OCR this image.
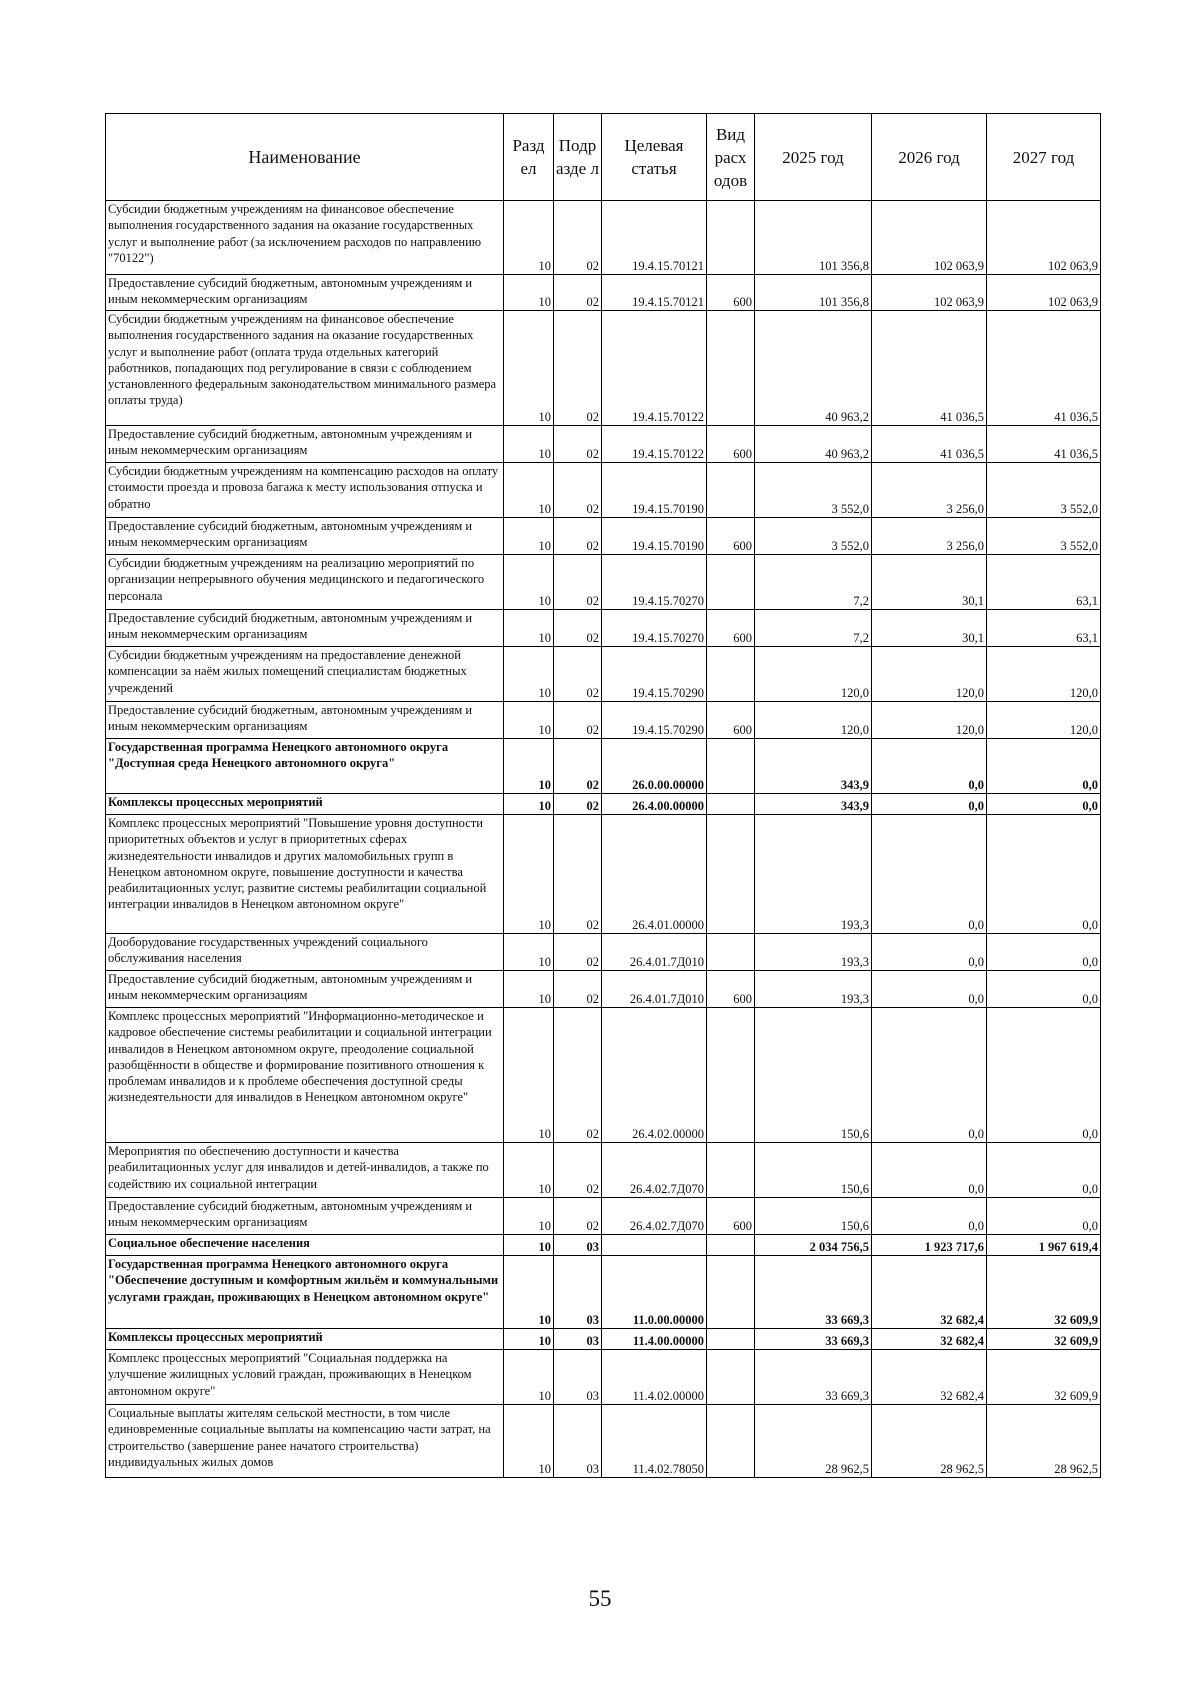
Наименование	Разд ел	Подр азде л	Целевая статья	Вид расх одов	2025 год	2026 год	2027 год
Субсидии бюджетным учреждениям на финансовое обеспечение выполнения государственного задания на оказание государственных услуг и выполнение работ (за исключением расходов по направлению "70122")	10	02	19.4.15.70121		101 356,8	102 063,9	102 063,9
Предоставление субсидий бюджетным, автономным учреждениям и иным некоммерческим организациям	10	02	19.4.15.70121	600	101 356,8	102 063,9	102 063,9
Субсидии бюджетным учреждениям на финансовое обеспечение выполнения государственного задания на оказание государственных услуг и выполнение работ (оплата труда отдельных категорий работников, попадающих под регулирование в связи с соблюдением установленного федеральным законодательством минимального размера оплаты труда)	10	02	19.4.15.70122		40 963,2	41 036,5	41 036,5
Предоставление субсидий бюджетным, автономным учреждениям и иным некоммерческим организациям	10	02	19.4.15.70122	600	40 963,2	41 036,5	41 036,5
Субсидии бюджетным учреждениям на компенсацию расходов на оплату стоимости проезда и провоза багажа к месту использования отпуска и обратно	10	02	19.4.15.70190		3 552,0	3 256,0	3 552,0
Предоставление субсидий бюджетным, автономным учреждениям и иным некоммерческим организациям	10	02	19.4.15.70190	600	3 552,0	3 256,0	3 552,0
Субсидии бюджетным учреждениям на реализацию мероприятий по организации непрерывного обучения медицинского и педагогического персонала	10	02	19.4.15.70270		7,2	30,1	63,1
Предоставление субсидий бюджетным, автономным учреждениям и иным некоммерческим организациям	10	02	19.4.15.70270	600	7,2	30,1	63,1
Субсидии бюджетным учреждениям на предоставление денежной компенсации за наём жилых помещений специалистам бюджетных учреждений	10	02	19.4.15.70290		120,0	120,0	120,0
Предоставление субсидий бюджетным, автономным учреждениям и иным некоммерческим организациям	10	02	19.4.15.70290	600	120,0	120,0	120,0
Государственная программа Ненецкого автономного округа "Доступная среда Ненецкого автономного округа"	10	02	26.0.00.00000		343,9	0,0	0,0
Комплексы процессных мероприятий	10	02	26.4.00.00000		343,9	0,0	0,0
Комплекс процессных мероприятий "Повышение уровня доступности приоритетных объектов и услуг в приоритетных сферах жизнедеятельности инвалидов и других маломобильных групп в Ненецком автономном округе, повышение доступности и качества реабилитационных услуг, развитие системы реабилитации социальной интеграции инвалидов в Ненецком автономном округе"	10	02	26.4.01.00000		193,3	0,0	0,0
Дооборудование государственных учреждений социального обслуживания населения	10	02	26.4.01.7Д010		193,3	0,0	0,0
Предоставление субсидий бюджетным, автономным учреждениям и иным некоммерческим организациям	10	02	26.4.01.7Д010	600	193,3	0,0	0,0
Комплекс процессных мероприятий "Информационно-методическое и кадровое обеспечение системы реабилитации и социальной интеграции инвалидов в Ненецком автономном округе, преодоление социальной разобщённости в обществе и формирование позитивного отношения к проблемам инвалидов и к проблеме обеспечения доступной среды жизнедеятельности для инвалидов в Ненецком автономном округе"	10	02	26.4.02.00000		150,6	0,0	0,0
Мероприятия по обеспечению доступности и качества реабилитационных услуг для инвалидов и детей-инвалидов, а также по содействию их социальной интеграции	10	02	26.4.02.7Д070		150,6	0,0	0,0
Предоставление субсидий бюджетным, автономным учреждениям и иным некоммерческим организациям	10	02	26.4.02.7Д070	600	150,6	0,0	0,0
Социальное обеспечение населения	10	03			2 034 756,5	1 923 717,6	1 967 619,4
Государственная программа Ненецкого автономного округа "Обеспечение доступным и комфортным жильём и коммунальными услугами граждан, проживающих в Ненецком автономном округе"	10	03	11.0.00.00000		33 669,3	32 682,4	32 609,9
Комплексы процессных мероприятий	10	03	11.4.00.00000		33 669,3	32 682,4	32 609,9
Комплекс процессных мероприятий "Социальная поддержка на улучшение жилищных условий граждан, проживающих в Ненецком автономном округе"	10	03	11.4.02.00000		33 669,3	32 682,4	32 609,9
Социальные выплаты жителям сельской местности, в том числе единовременные социальные выплаты на компенсацию части затрат, на строительство (завершение ранее начатого строительства) индивидуальных жилых домов	10	03	11.4.02.78050		28 962,5	28 962,5	28 962,5
55
